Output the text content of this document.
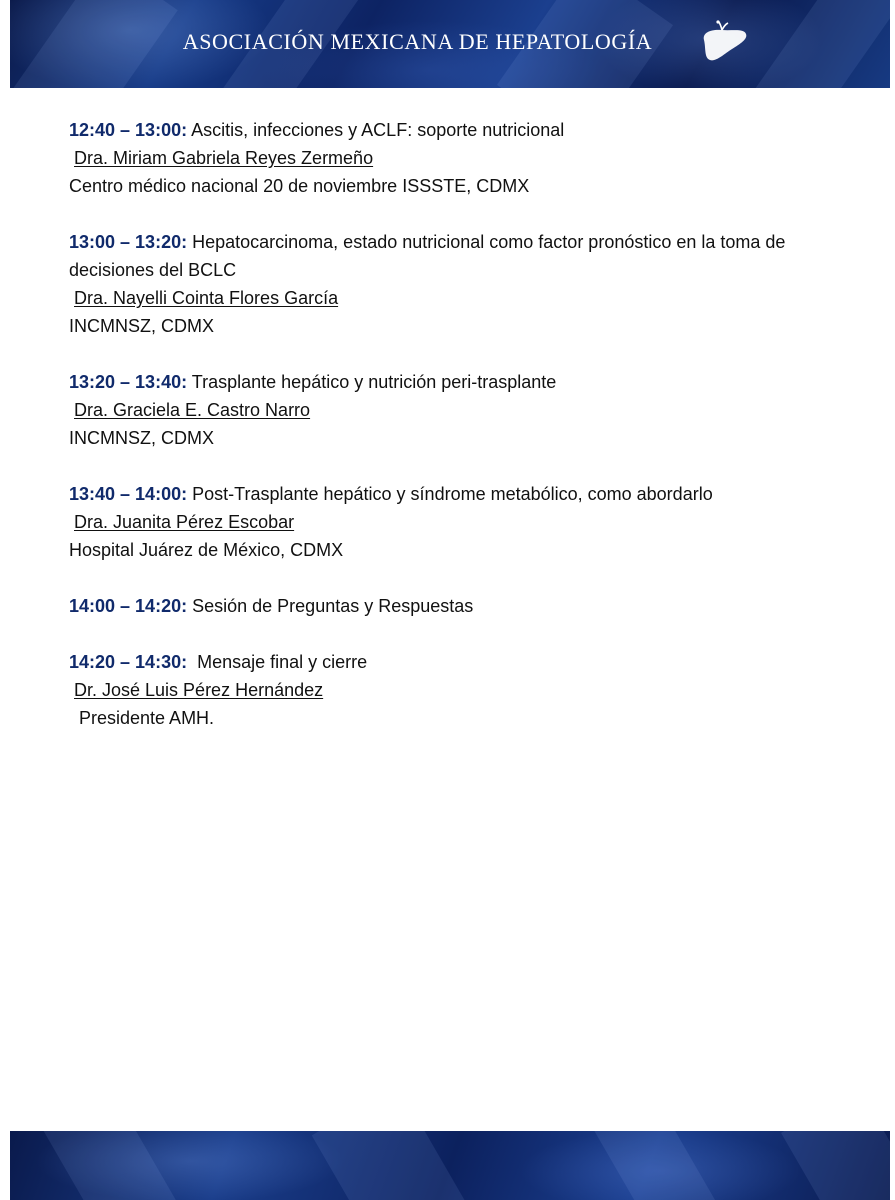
ASOCIACIÓN MEXICANA DE HEPATOLOGÍA
12:40 – 13:00: Ascitis, infecciones y ACLF: soporte nutricional
Dra. Miriam Gabriela Reyes Zermeño
Centro médico nacional 20 de noviembre ISSSTE, CDMX
13:00 – 13:20: Hepatocarcinoma, estado nutricional como factor pronóstico en la toma de decisiones del BCLC
Dra. Nayelli Cointa Flores García
INCMNSZ, CDMX
13:20 – 13:40: Trasplante hepático y nutrición peri-trasplante
Dra. Graciela E. Castro Narro
INCMNSZ, CDMX
13:40 – 14:00: Post-Trasplante hepático y síndrome metabólico, como abordarlo
Dra. Juanita Pérez Escobar
Hospital Juárez de México, CDMX
14:00 – 14:20: Sesión de Preguntas y Respuestas
14:20 – 14:30:  Mensaje final y cierre
Dr. José Luis Pérez Hernández
Presidente AMH.
